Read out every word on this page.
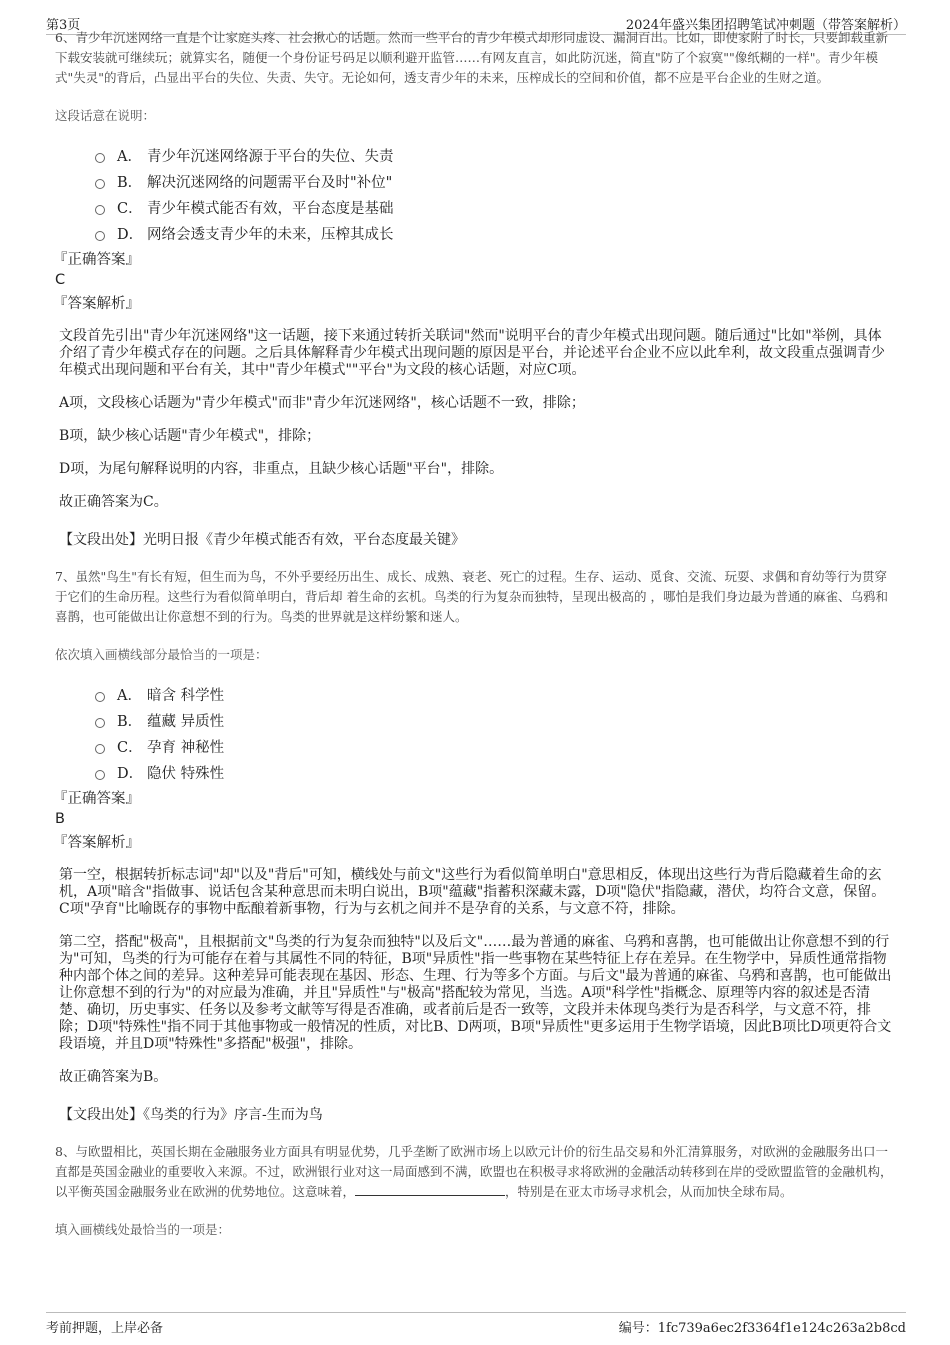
第3页	2024年盛兴集团招聘笔试冲刺题（带答案解析）

6、青少年沉迷网络一直是个让家庭头疼、社会揪心的话题。然而一些平台的青少年模式却形同虚设、漏洞百出。比如，即使家附了时长，只要卸载重新下载安装就可继续玩；就算实名，随便一个身份证号码足以顺利避开监管……有网友直言，如此防沉迷，简直"防了个寂寞""像纸糊的一样"。青少年模式"失灵"的背后，凸显出平台的失位、失责、失守。无论如何，透支青少年的未来，压榨成长的空间和价值，都不应是平台企业的生财之道。

这段话意在说明：

A． 青少年沉迷网络源于平台的失位、失责
B． 解决沉迷网络的问题需平台及时"补位"
C． 青少年模式能否有效，平台态度是基础
D． 网络会透支青少年的未来，压榨其成长
『正确答案』
C
『答案解析』

文段首先引出"青少年沉迷网络"这一话题，接下来通过转折关联词"然而"说明平台的青少年模式出现问题。随后通过"比如"举例，具体介绍了青少年模式存在的问题。之后具体解释青少年模式出现问题的原因是平台，并论述平台企业不应以此牟利，故文段重点强调青少年模式出现问题和平台有关，其中"青少年模式""平台"为文段的核心话题，对应C项。

A项，文段核心话题为"青少年模式"而非"青少年沉迷网络"，核心话题不一致，排除；

B项，缺少核心话题"青少年模式"，排除；

D项，为尾句解释说明的内容，非重点，且缺少核心话题"平台"，排除。

故正确答案为C。

【文段出处】光明日报《青少年模式能否有效，平台态度最关键》

7、虽然"鸟生"有长有短，但生而为鸟，不外乎要经历出生、成长、成熟、衰老、死亡的过程。生存、运动、觅食、交流、玩耍、求偶和育幼等行为贯穿于它们的生命历程。这些行为看似简单明白，背后却 着生命的玄机。鸟类的行为复杂而独特，呈现出极高的 ，哪怕是我们身边最为普通的麻雀、乌鸦和喜鹊，也可能做出让你意想不到的行为。鸟类的世界就是这样纷繁和迷人。

依次填入画横线部分最恰当的一项是：

A． 暗含 科学性
B． 蕴藏 异质性
C． 孕育 神秘性
D． 隐伏 特殊性
『正确答案』
B
『答案解析』

第一空，根据转折标志词"却"以及"背后"可知，横线处与前文"这些行为看似简单明白"意思相反，体现出这些行为背后隐藏着生命的玄机，A项"暗含"指做事、说话包含某种意思而未明白说出，B项"蕴藏"指蓄积深藏未露，D项"隐伏"指隐藏，潜伏，均符合文意，保留。C项"孕育"比喻既存的事物中酝酿着新事物，行为与玄机之间并不是孕育的关系，与文意不符，排除。

第二空，搭配"极高"，且根据前文"鸟类的行为复杂而独特"以及后文"……最为普通的麻雀、乌鸦和喜鹊，也可能做出让你意想不到的行为"可知，鸟类的行为可能存在着与其属性不同的特征，B项"异质性"指一些事物在某些特征上存在差异。在生物学中，异质性通常指物种内部个体之间的差异。这种差异可能表现在基因、形态、生理、行为等多个方面。与后文"最为普通的麻雀、乌鸦和喜鹊，也可能做出让你意想不到的行为"的对应最为准确，并且"异质性"与"极高"搭配较为常见，当选。A项"科学性"指概念、原理等内容的叙述是否清楚、确切，历史事实、任务以及参考文献等写得是否准确，或者前后是否一致等，文段并未体现鸟类行为是否科学，与文意不符，排除；D项"特殊性"指不同于其他事物或一般情况的性质，对比B、D两项，B项"异质性"更多运用于生物学语境，因此B项比D项更符合文段语境，并且D项"特殊性"多搭配"极强"，排除。

故正确答案为B。

【文段出处】《鸟类的行为》序言-生而为鸟

8、与欧盟相比，英国长期在金融服务业方面具有明显优势，几乎垄断了欧洲市场上以欧元计价的衍生品交易和外汇清算服务，对欧洲的金融服务出口一直都是英国金融业的重要收入来源。不过，欧洲银行业对这一局面感到不满，欧盟也在积极寻求将欧洲的金融活动转移到在岸的受欧盟监管的金融机构，以平衡英国金融服务业在欧洲的优势地位。这意味着，	，特别是在亚太市场寻求机会，从而加快全球布局。

填入画横线处最恰当的一项是：

考前押题，上岸必备	编号：1fc739a6ec2f3364f1e124c263a2b8cd
